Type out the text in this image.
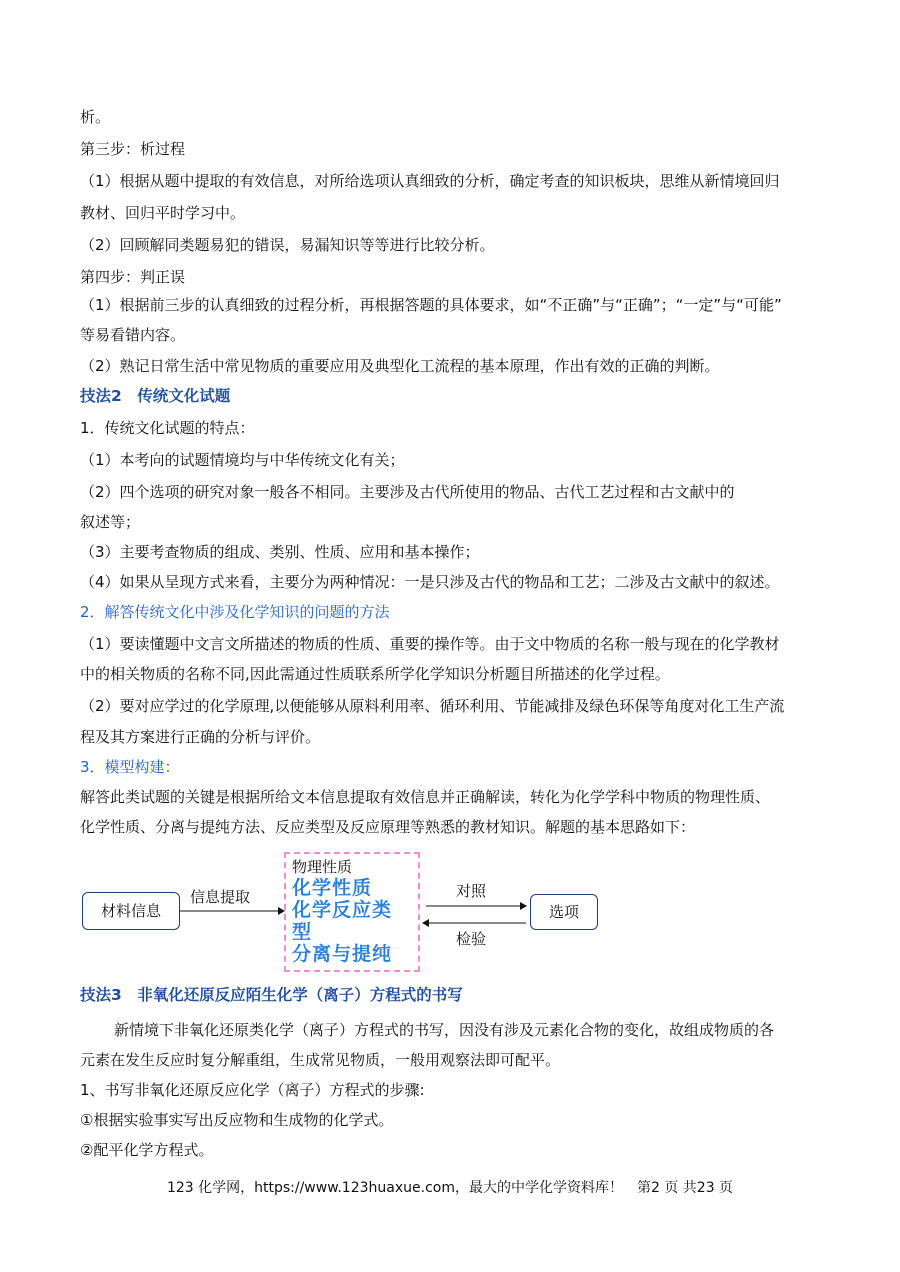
析。
第三步：析过程
（1）根据从题中提取的有效信息，对所给选项认真细致的分析，确定考查的知识板块，思维从新情境回归
教材、回归平时学习中。
（2）回顾解同类题易犯的错误，易漏知识等等进行比较分析。
第四步：判正误
（1）根据前三步的认真细致的过程分析，再根据答题的具体要求，如“不正确”与“正确”；“一定”与“可能”
等易看错内容。
（2）熟记日常生活中常见物质的重要应用及典型化工流程的基本原理，作出有效的正确的判断。
技法2　传统文化试题
1．传统文化试题的特点：
（1）本考向的试题情境均与中华传统文化有关；
（2）四个选项的研究对象一般各不相同。主要涉及古代所使用的物品、古代工艺过程和古文献中的
叙述等；
（3）主要考查物质的组成、类别、性质、应用和基本操作；
（4）如果从呈现方式来看，主要分为两种情况：一是只涉及古代的物品和工艺；二涉及古文献中的叙述。
2．解答传统文化中涉及化学知识的问题的方法
（1）要读懂题中文言文所描述的物质的性质、重要的操作等。由于文中物质的名称一般与现在的化学教材
中的相关物质的名称不同,因此需通过性质联系所学化学知识分析题目所描述的化学过程。
（2）要对应学过的化学原理,以便能够从原料利用率、循环利用、节能减排及绿色环保等角度对化工生产流
程及其方案进行正确的分析与评价。
3．模型构建：
解答此类试题的关键是根据所给文本信息提取有效信息并正确解读，转化为化学学科中物质的物理性质、
化学性质、分离与提纯方法、反应类型及反应原理等熟悉的教材知识。解题的基本思路如下：
材料信息
信息提取
物理性质
化学性质
化学反应类
型
分离与提纯
对照
检验
选项
技法3　非氧化还原反应陌生化学（离子）方程式的书写
新情境下非氧化还原类化学（离子）方程式的书写，因没有涉及元素化合物的变化，故组成物质的各
元素在发生反应时复分解重组，生成常见物质，一般用观察法即可配平。
1、书写非氧化还原反应化学（离子）方程式的步骤:
①根据实验事实写出反应物和生成物的化学式。
②配平化学方程式。
123 化学网，https://www.123huaxue.com，最大的中学化学资料库！　第2 页 共23 页
